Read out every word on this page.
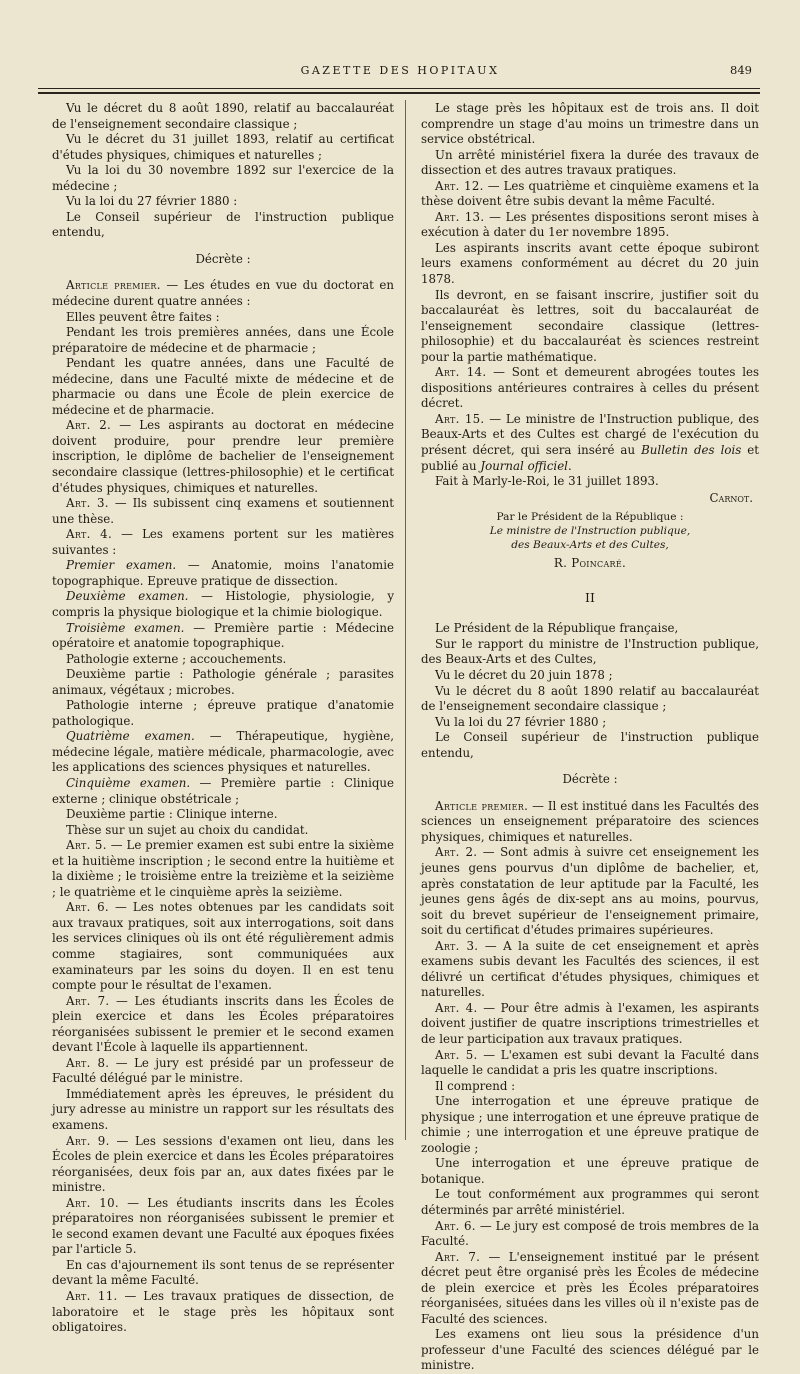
GAZETTE DES HOPITAUX	849

Vu le décret du 8 août 1890, relatif au baccalauréat de l'enseignement secondaire classique ;

Vu le décret du 31 juillet 1893, relatif au certificat d'études physiques, chimiques et naturelles ;

Vu la loi du 30 novembre 1892 sur l'exercice de la médecine ;

Vu la loi du 27 février 1880 :

Le Conseil supérieur de l'instruction publique entendu,

Décrète :

Article premier. — Les études en vue du doctorat en médecine durent quatre années :

Elles peuvent être faites :

Pendant les trois premières années, dans une École préparatoire de médecine et de pharmacie ;

Pendant les quatre années, dans une Faculté de médecine, dans une Faculté mixte de médecine et de pharmacie ou dans une École de plein exercice de médecine et de pharmacie.

Art. 2. — Les aspirants au doctorat en médecine doivent produire, pour prendre leur première inscription, le diplôme de bachelier de l'enseignement secondaire classique (lettres-philosophie) et le certificat d'études physiques, chimiques et naturelles.

Art. 3. — Ils subissent cinq examens et soutiennent une thèse.

Art. 4. — Les examens portent sur les matières suivantes :

Premier examen. — Anatomie, moins l'anatomie topographique. Epreuve pratique de dissection.

Deuxième examen. — Histologie, physiologie, y compris la physique biologique et la chimie biologique.

Troisième examen. — Première partie : Médecine opératoire et anatomie topographique.

Pathologie externe ; accouchements.

Deuxième partie : Pathologie générale ; parasites animaux, végétaux ; microbes.

Pathologie interne ; épreuve pratique d'anatomie pathologique.

Quatrième examen. — Thérapeutique, hygiène, médecine légale, matière médicale, pharmacologie, avec les applications des sciences physiques et naturelles.

Cinquième examen. — Première partie : Clinique externe ; clinique obstétricale ;

Deuxième partie : Clinique interne.

Thèse sur un sujet au choix du candidat.

Art. 5. — Le premier examen est subi entre la sixième et la huitième inscription ; le second entre la huitième et la dixième ; le troisième entre la treizième et la seizième ; le quatrième et le cinquième après la seizième.

Art. 6. — Les notes obtenues par les candidats soit aux travaux pratiques, soit aux interrogations, soit dans les services cliniques où ils ont été régulièrement admis comme stagiaires, sont communiquées aux examinateurs par les soins du doyen. Il en est tenu compte pour le résultat de l'examen.

Art. 7. — Les étudiants inscrits dans les Écoles de plein exercice et dans les Écoles préparatoires réorganisées subissent le premier et le second examen devant l'École à laquelle ils appartiennent.

Art. 8. — Le jury est présidé par un professeur de Faculté délégué par le ministre.

Immédiatement après les épreuves, le président du jury adresse au ministre un rapport sur les résultats des examens.

Art. 9. — Les sessions d'examen ont lieu, dans les Écoles de plein exercice et dans les Écoles préparatoires réorganisées, deux fois par an, aux dates fixées par le ministre.

Art. 10. — Les étudiants inscrits dans les Écoles préparatoires non réorganisées subissent le premier et le second examen devant une Faculté aux époques fixées par l'article 5.

En cas d'ajournement ils sont tenus de se représenter devant la même Faculté.

Art. 11. — Les travaux pratiques de dissection, de laboratoire et le stage près les hôpitaux sont obligatoires.

Le stage près les hôpitaux est de trois ans. Il doit comprendre un stage d'au moins un trimestre dans un service obstétrical.

Un arrêté ministériel fixera la durée des travaux de dissection et des autres travaux pratiques.

Art. 12. — Les quatrième et cinquième examens et la thèse doivent être subis devant la même Faculté.

Art. 13. — Les présentes dispositions seront mises à exécution à dater du 1er novembre 1895.

Les aspirants inscrits avant cette époque subiront leurs examens conformément au décret du 20 juin 1878.

Ils devront, en se faisant inscrire, justifier soit du baccalauréat ès lettres, soit du baccalauréat de l'enseignement secondaire classique (lettres-philosophie) et du baccalauréat ès sciences restreint pour la partie mathématique.

Art. 14. — Sont et demeurent abrogées toutes les dispositions antérieures contraires à celles du présent décret.

Art. 15. — Le ministre de l'Instruction publique, des Beaux-Arts et des Cultes est chargé de l'exécution du présent décret, qui sera inséré au Bulletin des lois et publié au Journal officiel.

Fait à Marly-le-Roi, le 31 juillet 1893.

Carnot.

Par le Président de la République :

Le ministre de l'Instruction publique,

des Beaux-Arts et des Cultes,

R. Poincaré.

II

Le Président de la République française,

Sur le rapport du ministre de l'Instruction publique, des Beaux-Arts et des Cultes,

Vu le décret du 20 juin 1878 ;

Vu le décret du 8 août 1890 relatif au baccalauréat de l'enseignement secondaire classique ;

Vu la loi du 27 février 1880 ;

Le Conseil supérieur de l'instruction publique entendu,

Décrète :

Article premier. — Il est institué dans les Facultés des sciences un enseignement préparatoire des sciences physiques, chimiques et naturelles.

Art. 2. — Sont admis à suivre cet enseignement les jeunes gens pourvus d'un diplôme de bachelier, et, après constatation de leur aptitude par la Faculté, les jeunes gens âgés de dix-sept ans au moins, pourvus, soit du brevet supérieur de l'enseignement primaire, soit du certificat d'études primaires supérieures.

Art. 3. — A la suite de cet enseignement et après examens subis devant les Facultés des sciences, il est délivré un certificat d'études physiques, chimiques et naturelles.

Art. 4. — Pour être admis à l'examen, les aspirants doivent justifier de quatre inscriptions trimestrielles et de leur participation aux travaux pratiques.

Art. 5. — L'examen est subi devant la Faculté dans laquelle le candidat a pris les quatre inscriptions.

Il comprend :

Une interrogation et une épreuve pratique de physique ; une interrogation et une épreuve pratique de chimie ; une interrogation et une épreuve pratique de zoologie ;

Une interrogation et une épreuve pratique de botanique.

Le tout conformément aux programmes qui seront déterminés par arrêté ministériel.

Art. 6. — Le jury est composé de trois membres de la Faculté.

Art. 7. — L'enseignement institué par le présent décret peut être organisé près les Écoles de médecine de plein exercice et près les Écoles préparatoires réorganisées, situées dans les villes où il n'existe pas de Faculté des sciences.

Les examens ont lieu sous la présidence d'un professeur d'une Faculté des sciences délégué par le ministre.
